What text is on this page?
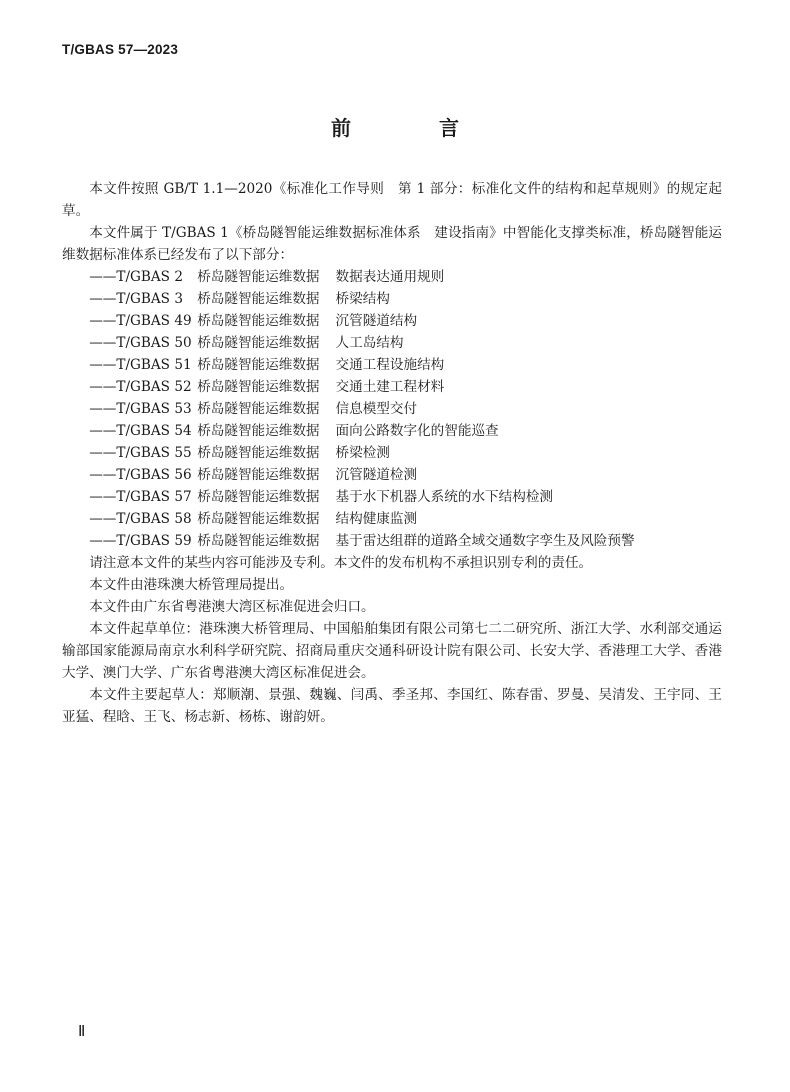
T/GBAS 57—2023
前　言

本文件按照 GB/T 1.1—2020《标准化工作导则　第 1 部分：标准化文件的结构和起草规则》的规定起草。

本文件属于 T/GBAS 1《桥岛隧智能运维数据标准体系　建设指南》中智能化支撑类标准，桥岛隧智能运维数据标准体系已经发布了以下部分：

——T/GBAS 2 桥岛隧智能运维数据 数据表达通用规则

——T/GBAS 3 桥岛隧智能运维数据 桥梁结构

——T/GBAS 49 桥岛隧智能运维数据 沉管隧道结构

——T/GBAS 50 桥岛隧智能运维数据 人工岛结构

——T/GBAS 51 桥岛隧智能运维数据 交通工程设施结构

——T/GBAS 52 桥岛隧智能运维数据 交通土建工程材料

——T/GBAS 53 桥岛隧智能运维数据 信息模型交付

——T/GBAS 54 桥岛隧智能运维数据 面向公路数字化的智能巡查

——T/GBAS 55 桥岛隧智能运维数据 桥梁检测

——T/GBAS 56 桥岛隧智能运维数据 沉管隧道检测

——T/GBAS 57 桥岛隧智能运维数据 基于水下机器人系统的水下结构检测

——T/GBAS 58 桥岛隧智能运维数据 结构健康监测

——T/GBAS 59 桥岛隧智能运维数据 基于雷达组群的道路全域交通数字孪生及风险预警

请注意本文件的某些内容可能涉及专利。本文件的发布机构不承担识别专利的责任。

本文件由港珠澳大桥管理局提出。

本文件由广东省粤港澳大湾区标准促进会归口。

本文件起草单位：港珠澳大桥管理局、中国船舶集团有限公司第七二二研究所、浙江大学、水利部交通运输部国家能源局南京水利科学研究院、招商局重庆交通科研设计院有限公司、长安大学、香港理工大学、香港大学、澳门大学、广东省粤港澳大湾区标准促进会。

本文件主要起草人：郑顺潮、景强、魏巍、闫禹、季圣邦、李国红、陈春雷、罗曼、吴清发、王宇同、王亚猛、程晗、王飞、杨志新、杨栋、谢韵妍。

Ⅱ
